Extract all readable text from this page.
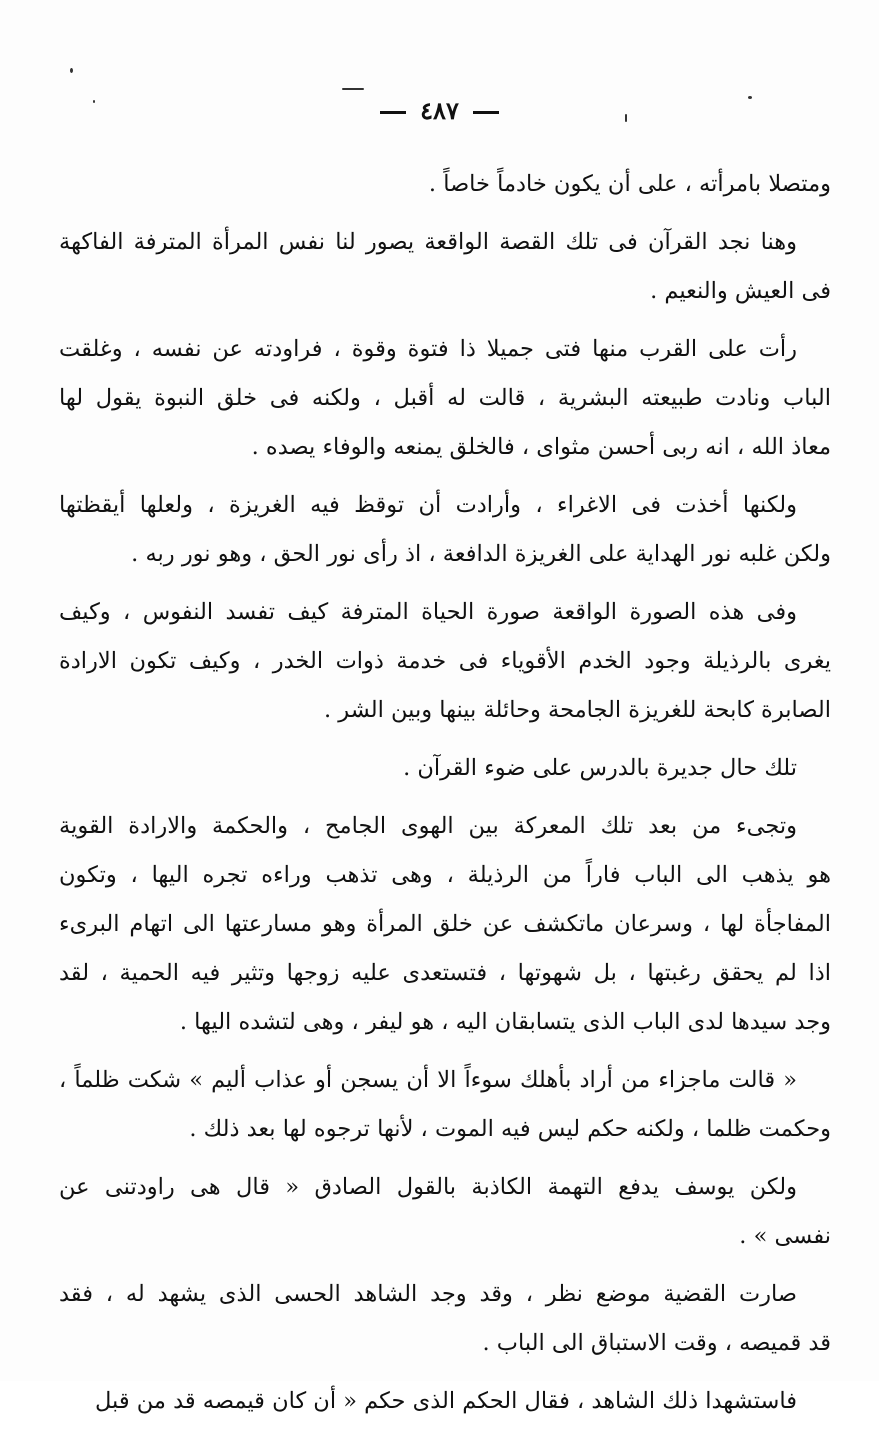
٤٨٧
ومتصلا بامرأته ، على أن يكون خادماً خاصاً .
وهنا نجد القرآن فى تلك القصة الواقعة يصور لنا نفس المرأة المترفة الفاكهة
فى العيش والنعيم .
رأت على القرب منها فتى جميلا ذا فتوة وقوة ، فراودته عن نفسه ، وغلقت
الباب ونادت طبيعته البشرية ، قالت له أقبل ، ولكنه فى خلق النبوة يقول لها
معاذ الله ، انه ربى أحسن مثواى ، فالخلق يمنعه والوفاء يصده .
ولكنها أخذت فى الاغراء ، وأرادت أن توقظ فيه الغريزة ، ولعلها أيقظتها
ولكن غلبه نور الهداية على الغريزة الدافعة ، اذ رأى نور الحق ، وهو نور ربه .
وفى هذه الصورة الواقعة صورة الحياة المترفة كيف تفسد النفوس ، وكيف
يغرى بالرذيلة وجود الخدم الأقوياء فى خدمة ذوات الخدر ، وكيف تكون الارادة
الصابرة كابحة للغريزة الجامحة وحائلة بينها وبين الشر .
تلك حال جديرة بالدرس على ضوء القرآن .
وتجىء من بعد تلك المعركة بين الهوى الجامح ، والحكمة والارادة القوية
هو يذهب الى الباب فاراً من الرذيلة ، وهى تذهب وراءه تجره اليها ، وتكون
المفاجأة لها ، وسرعان ماتكشف عن خلق المرأة وهو مسارعتها الى اتهام البرىء
اذا لم يحقق رغبتها ، بل شهوتها ، فتستعدى عليه زوجها وتثير فيه الحمية ، لقد
وجد سيدها لدى الباب الذى يتسابقان اليه ، هو ليفر ، وهى لتشده اليها .
« قالت ماجزاء من أراد بأهلك سوءاً الا أن يسجن أو عذاب أليم » شكت ظلماً ،
وحكمت ظلما ، ولكنه حكم ليس فيه الموت ، لأنها ترجوه لها بعد ذلك .
ولكن يوسف يدفع التهمة الكاذبة بالقول الصادق « قال هى راودتنى عن
نفسى » .
صارت القضية موضع نظر ، وقد وجد الشاهد الحسى الذى يشهد له ، فقد
قد قميصه ، وقت الاستباق الى الباب .
فاستشهدا ذلك الشاهد ، فقال الحكم الذى حكم « أن كان قيمصه قد من قبل
